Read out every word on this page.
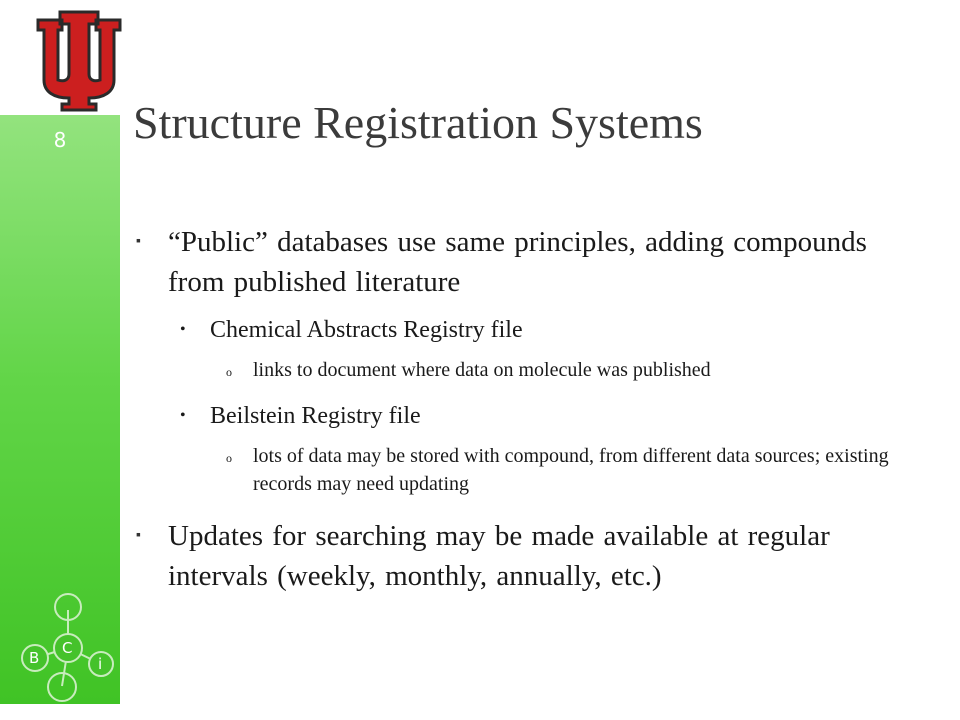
8	Structure Registration Systems
▪ “Public” databases use same principles, adding compounds from published literature
• Chemical Abstracts Registry file
o links to document where data on molecule was published
• Beilstein Registry file
o lots of data may be stored with compound, from different data sources; existing records may need updating
▪ Updates for searching may be made available at regular intervals (weekly, monthly, annually, etc.)
C
B	i
